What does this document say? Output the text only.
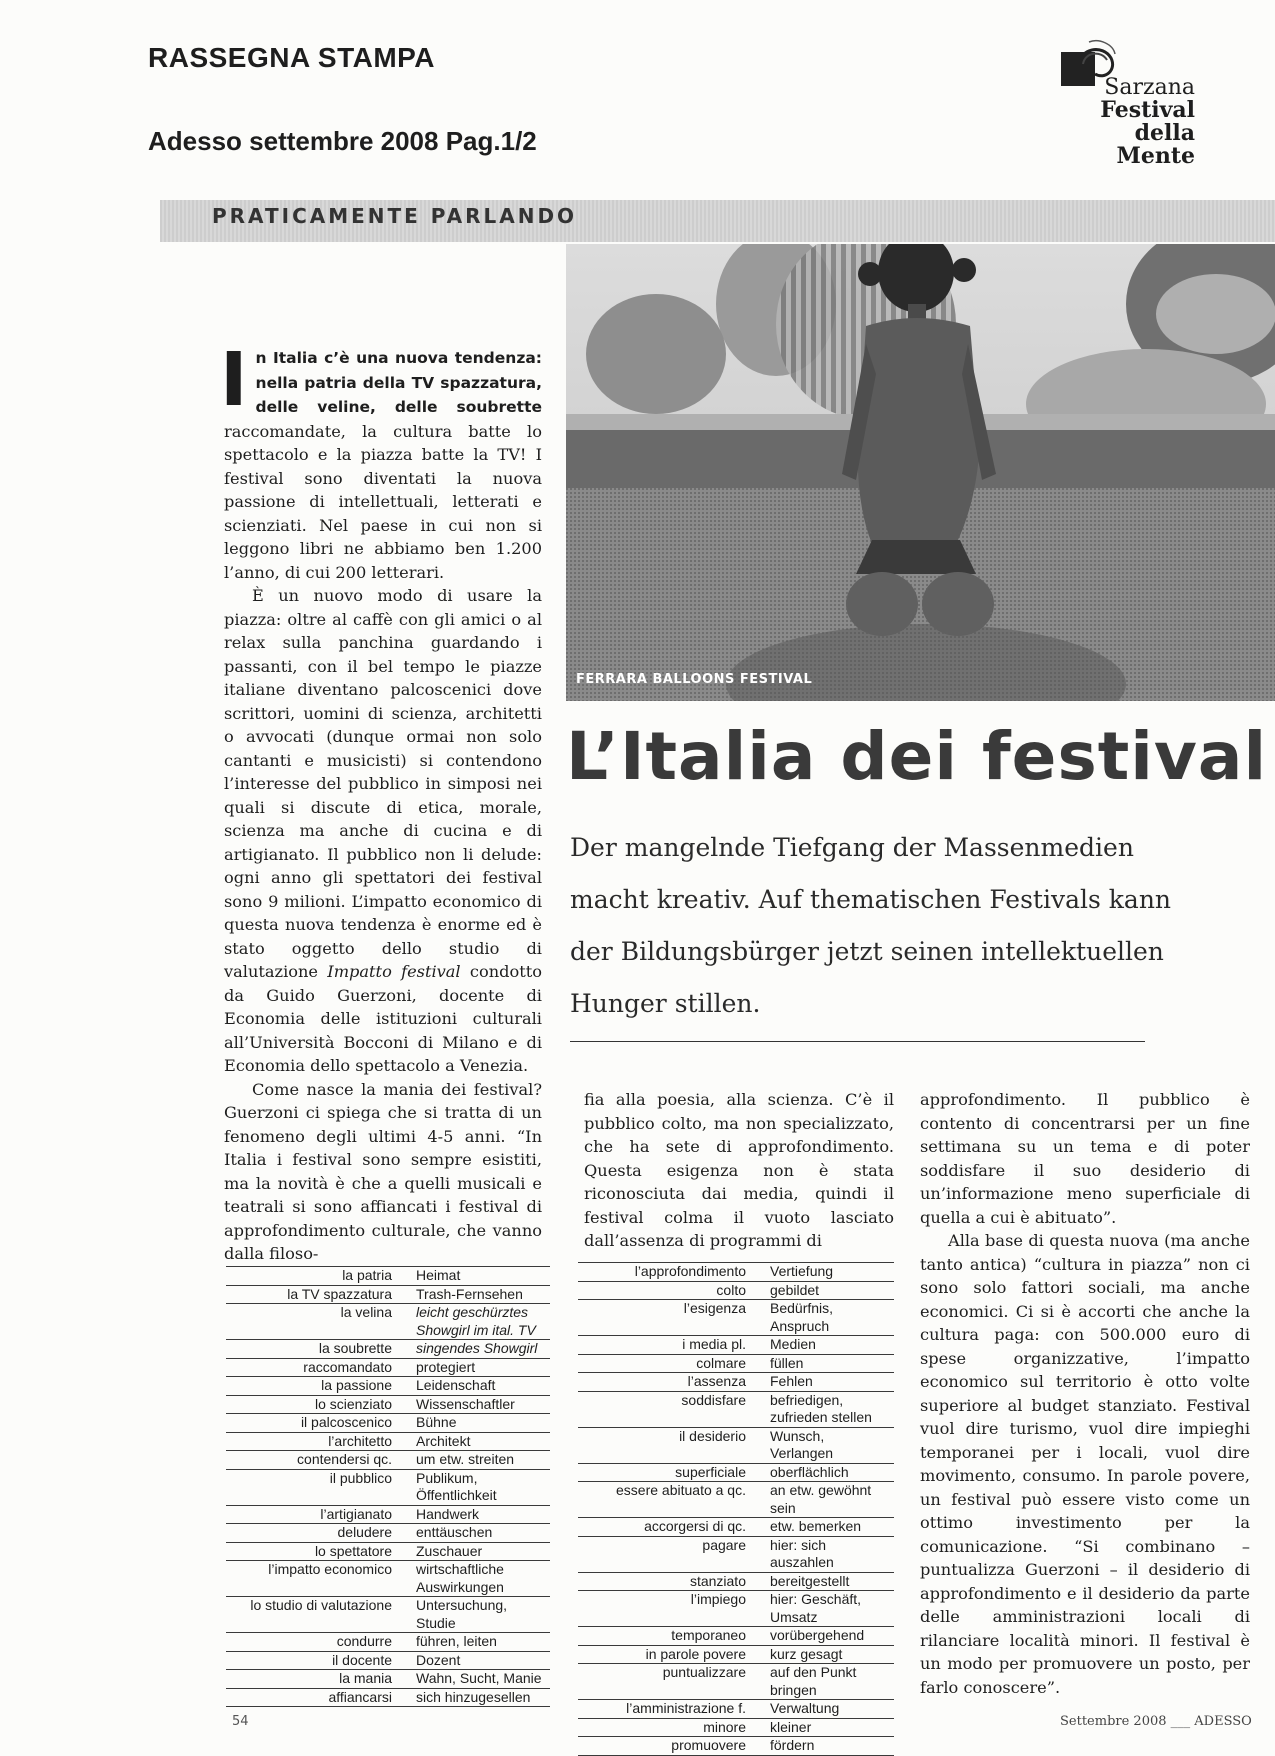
RASSEGNA STAMPA
Adesso settembre 2008 Pag.1/2
Sarzana
Festival
della Mente
PRATICAMENTE PARLANDO
FERRARA BALLOONS FESTIVAL
L’Italia dei festival
Der mangelnde Tiefgang der Massenmedien macht kreativ. Auf thematischen Festivals kann der Bildungsbürger jetzt seinen intellektuellen Hunger stillen.

In Italia c’è una nuova tendenza: nella patria della TV spazzatura, delle veline, delle soubrette raccomandate, la cultura batte lo spettacolo e la piazza batte la TV! I festival sono diventati la nuova passione di intellettuali, letterati e scienziati. Nel paese in cui non si leggono libri ne abbiamo ben 1.200 l’anno, di cui 200 letterari.

È un nuovo modo di usare la piazza: oltre al caffè con gli amici o al relax sulla panchina guardando i passanti, con il bel tempo le piazze italiane diventano palcoscenici dove scrittori, uomini di scienza, architetti o avvocati (dunque ormai non solo cantanti e musicisti) si contendono l’interesse del pubblico in simposi nei quali si discute di etica, morale, scienza ma anche di cucina e di artigianato. Il pubblico non li delude: ogni anno gli spettatori dei festival sono 9 milioni. L’impatto economico di questa nuova tendenza è enorme ed è stato oggetto dello studio di valutazione Impatto festival condotto da Guido Guerzoni, docente di Economia delle istituzioni culturali all’Università Bocconi di Milano e di Economia dello spettacolo a Venezia.

Come nasce la mania dei festival? Guerzoni ci spiega che si tratta di un fenomeno degli ultimi 4-5 anni. “In Italia i festival sono sempre esistiti, ma la novità è che a quelli musicali e teatrali si sono affiancati i festival di approfondimento culturale, che vanno dalla filoso-

fia alla poesia, alla scienza. C’è il pubblico colto, ma non specializzato, che ha sete di approfondimento. Questa esigenza non è stata riconosciuta dai media, quindi il festival colma il vuoto lasciato dall’assenza di programmi di

approfondimento. Il pubblico è contento di concentrarsi per un fine settimana su un tema e di poter soddisfare il suo desiderio di un’informazione meno superficiale di quella a cui è abituato”.

Alla base di questa nuova (ma anche tanto antica) “cultura in piazza” non ci sono solo fattori sociali, ma anche economici. Ci si è accorti che anche la cultura paga: con 500.000 euro di spese organizzative, l’impatto economico sul territorio è otto volte superiore al budget stanziato. Festival vuol dire turismo, vuol dire impieghi temporanei per i locali, vuol dire movimento, consumo. In parole povere, un festival può essere visto come un ottimo investimento per la comunicazione. “Si combinano – puntualizza Guerzoni – il desiderio di approfondimento e il desiderio da parte delle amministrazioni locali di rilanciare località minori. Il festival è un modo per promuovere un posto, per farlo conoscere”.

la patria	Heimat
la TV spazzatura	Trash-Fernsehen
la velina	leicht geschürztes Showgirl im ital. TV
la soubrette	singendes Showgirl
raccomandato	protegiert
la passione	Leidenschaft
lo scienziato	Wissenschaftler
il palcoscenico	Bühne
l’architetto	Architekt
contendersi qc.	um etw. streiten
il pubblico	Publikum, Öffentlichkeit
l’artigianato	Handwerk
deludere	enttäuschen
lo spettatore	Zuschauer
l’impatto economico	wirtschaftliche Auswirkungen
lo studio di valutazione	Untersuchung, Studie
condurre	führen, leiten
il docente	Dozent
la mania	Wahn, Sucht, Manie
affiancarsi	sich hinzugesellen
l’approfondimento	Vertiefung
colto	gebildet
l’esigenza	Bedürfnis, Anspruch
i media pl.	Medien
colmare	füllen
l’assenza	Fehlen
soddisfare	befriedigen, zufrieden stellen
il desiderio	Wunsch, Verlangen
superficiale	oberflächlich
essere abituato a qc.	an etw. gewöhnt sein
accorgersi di qc.	etw. bemerken
pagare	hier: sich auszahlen
stanziato	bereitgestellt
l’impiego	hier: Geschäft, Umsatz
temporaneo	vorübergehend
in parole povere	kurz gesagt
puntualizzare	auf den Punkt bringen
l’amministrazione f.	Verwaltung
minore	kleiner
promuovere	fördern
54	Settembre 2008 ___ ADESSO
